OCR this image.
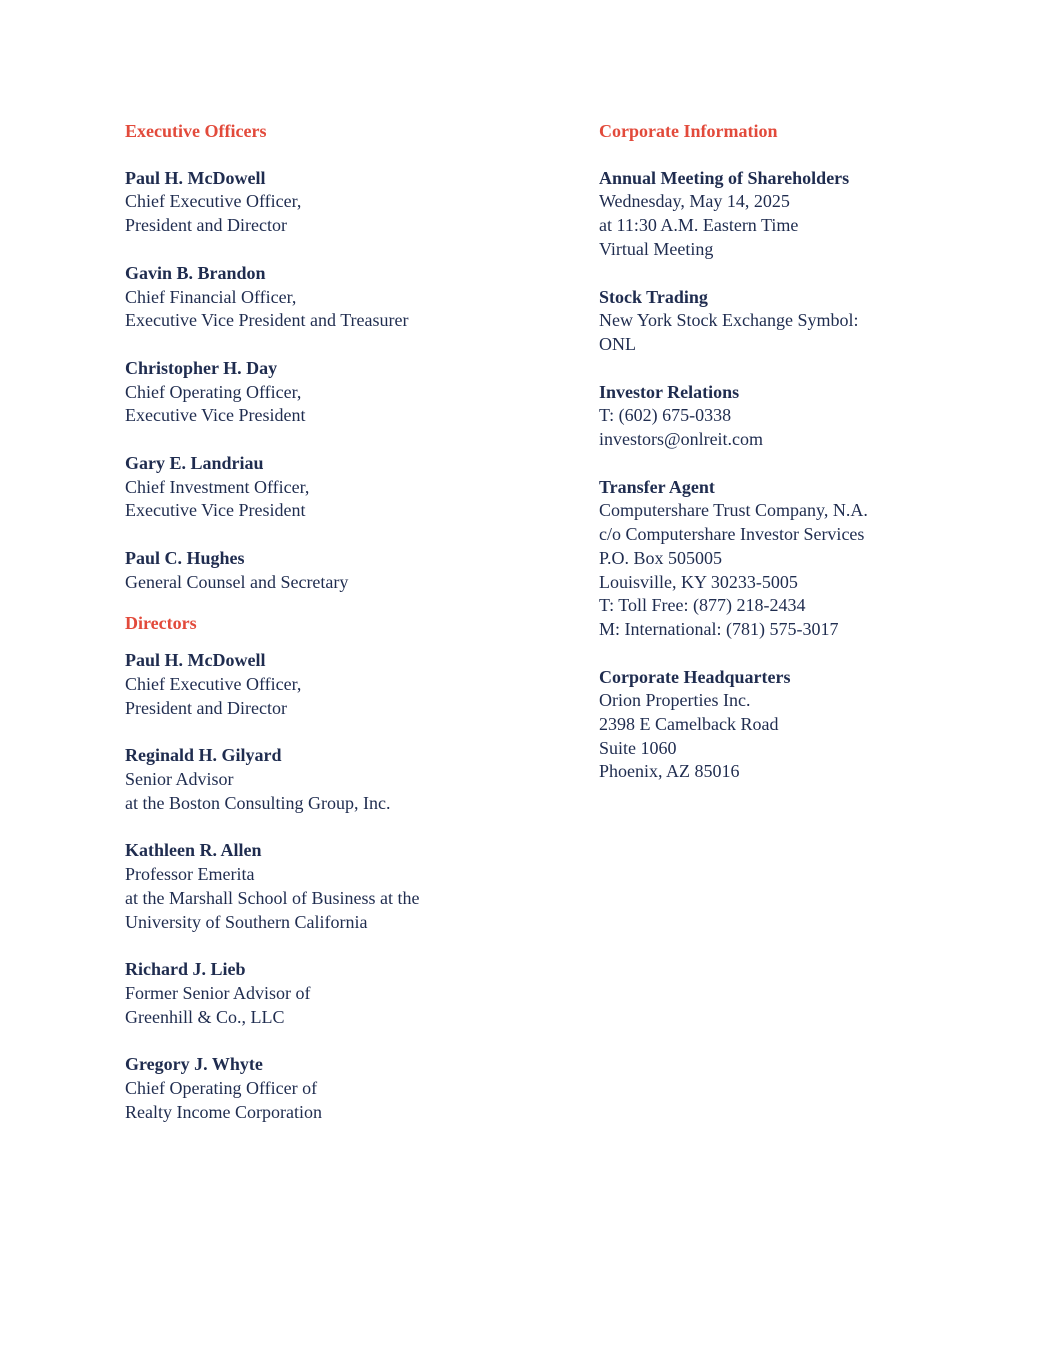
Executive Officers
Paul H. McDowell
Chief Executive Officer,
President and Director
Gavin B. Brandon
Chief Financial Officer,
Executive Vice President and Treasurer
Christopher H. Day
Chief Operating Officer,
Executive Vice President
Gary E. Landriau
Chief Investment Officer,
Executive Vice President
Paul C. Hughes
General Counsel and Secretary
Directors
Paul H. McDowell
Chief Executive Officer,
President and Director
Reginald H. Gilyard
Senior Advisor
at the Boston Consulting Group, Inc.
Kathleen R. Allen
Professor Emerita
at the Marshall School of Business at the
University of Southern California
Richard J. Lieb
Former Senior Advisor of
Greenhill & Co., LLC
Gregory J. Whyte
Chief Operating Officer of
Realty Income Corporation
Corporate Information
Annual Meeting of Shareholders
Wednesday, May 14, 2025
at 11:30 A.M. Eastern Time
Virtual Meeting
Stock Trading
New York Stock Exchange Symbol:
ONL
Investor Relations
T: (602) 675-0338
investors@onlreit.com
Transfer Agent
Computershare Trust Company, N.A.
c/o Computershare Investor Services
P.O. Box 505005
Louisville, KY 30233-5005
T: Toll Free: (877) 218-2434
M: International: (781) 575-3017
Corporate Headquarters
Orion Properties Inc.
2398 E Camelback Road
Suite 1060
Phoenix, AZ 85016
